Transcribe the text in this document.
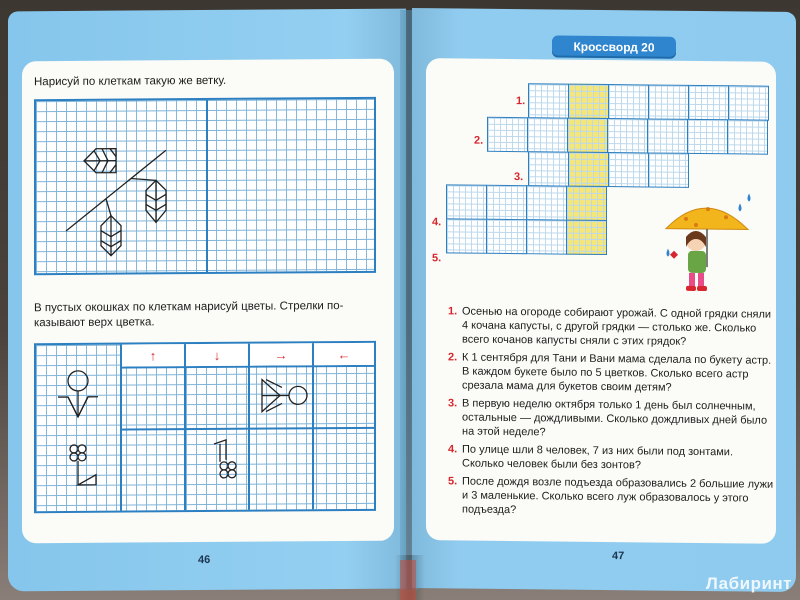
Нарисуй по клеткам такую же ветку.
В пустых окошках по клеткам нарисуй цветы. Стрелки по-
казывают верх цветка.
↑	↓	→	←
46
Кроссворд 20
1.
2.
3.
4.
5.
1. Осенью на огороде собирают урожай. С одной грядки сняли 4 кочана капусты, с другой грядки — столько же. Сколько всего кочанов капусты сняли с этих грядок?
2. К 1 сентября для Тани и Вани мама сделала по букету астр. В каждом букете было по 5 цветков. Сколько всего астр срезала мама для букетов своим детям?
3. В первую неделю октября только 1 день был солнечным, остальные — дождливыми. Сколько дождливых дней было на этой неделе?
4. По улице шли 8 человек, 7 из них были под зонтами. Сколько человек были без зонтов?
5. После дождя возле подъезда образовались 2 большие лужи и 3 маленькие. Сколько всего луж образовалось у этого подъезда?
47
Лабиринт
